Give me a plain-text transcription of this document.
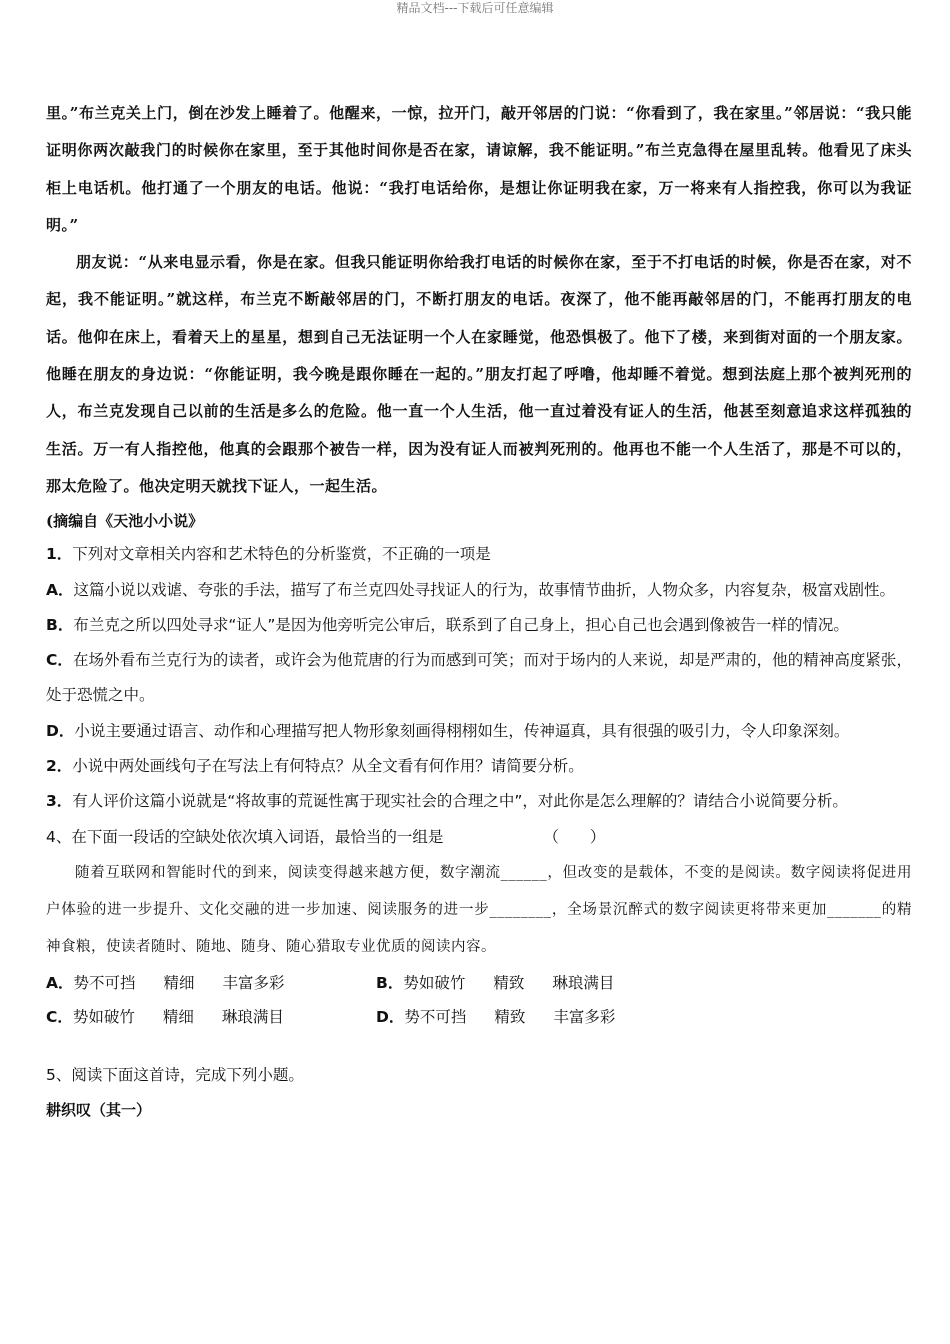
精品文档---下载后可任意编辑

里。”布兰克关上门，倒在沙发上睡着了。他醒来，一惊，拉开门，敲开邻居的门说：“你看到了，我在家里。”邻居说：“我只能证明你两次敲我门的时候你在家里，至于其他时间你是否在家，请谅解，我不能证明。”布兰克急得在屋里乱转。他看见了床头柜上电话机。他打通了一个朋友的电话。他说：“我打电话给你，是想让你证明我在家，万一将来有人指控我，你可以为我证明。”

朋友说：“从来电显示看，你是在家。但我只能证明你给我打电话的时候你在家，至于不打电话的时候，你是否在家，对不起，我不能证明。”就这样，布兰克不断敲邻居的门，不断打朋友的电话。夜深了，他不能再敲邻居的门，不能再打朋友的电话。他仰在床上，看着天上的星星，想到自己无法证明一个人在家睡觉，他恐惧极了。他下了楼，来到街对面的一个朋友家。他睡在朋友的身边说：“你能证明，我今晚是跟你睡在一起的。”朋友打起了呼噜，他却睡不着觉。想到法庭上那个被判死刑的人，布兰克发现自己以前的生活是多么的危险。他一直一个人生活，他一直过着没有证人的生活，他甚至刻意追求这样孤独的生活。万一有人指控他，他真的会跟那个被告一样，因为没有证人而被判死刑的。他再也不能一个人生活了，那是不可以的，那太危险了。他决定明天就找下证人，一起生活。

(摘编自《天池小小说》

1．下列对文章相关内容和艺术特色的分析鉴赏，不正确的一项是

A．这篇小说以戏谑、夸张的手法，描写了布兰克四处寻找证人的行为，故事情节曲折，人物众多，内容复杂，极富戏剧性。

B．布兰克之所以四处寻求“证人”是因为他旁听完公审后，联系到了自己身上，担心自己也会遇到像被告一样的情况。

C．在场外看布兰克行为的读者，或许会为他荒唐的行为而感到可笑；而对于场内的人来说，却是严肃的，他的精神高度紧张，处于恐慌之中。

D．小说主要通过语言、动作和心理描写把人物形象刻画得栩栩如生，传神逼真，具有很强的吸引力，令人印象深刻。

2．小说中两处画线句子在写法上有何特点？从全文看有何作用？请简要分析。

3．有人评价这篇小说就是“将故事的荒诞性寓于现实社会的合理之中”，对此你是怎么理解的？请结合小说简要分析。

4、在下面一段话的空缺处依次填入词语，最恰当的一组是	（　　）

随着互联网和智能时代的到来，阅读变得越来越方便，数字潮流______，但改变的是载体，不变的是阅读。数字阅读将促进用户体验的进一步提升、文化交融的进一步加速、阅读服务的进一步________，全场景沉醉式的数字阅读更将带来更加_______的精神食粮，使读者随时、随地、随身、随心猎取专业优质的阅读内容。

A．势不可挡 精细 丰富多彩	B．势如破竹 精致 琳琅满目
C．势如破竹 精细 琳琅满目	D．势不可挡 精致 丰富多彩

5、阅读下面这首诗，完成下列小题。

耕织叹（其一）
